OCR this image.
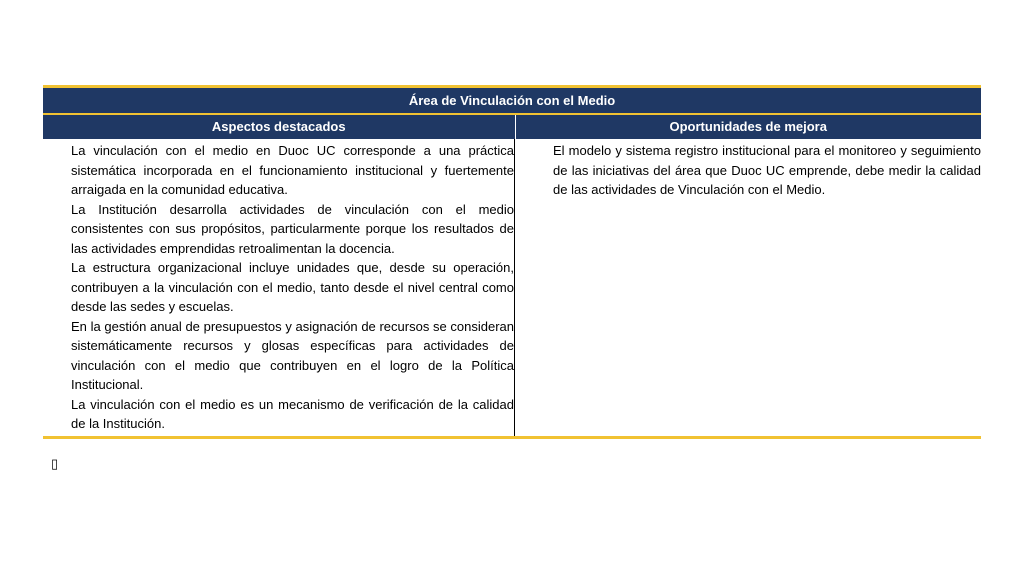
Área de Vinculación con el Medio
Aspectos destacados	Oportunidades de mejora

La vinculación con el medio en Duoc UC corresponde a una práctica sistemática incorporada en el funcionamiento institucional y fuertemente arraigada en la comunidad educativa.

La Institución desarrolla actividades de vinculación con el medio consistentes con sus propósitos, particularmente porque los resultados de las actividades emprendidas retroalimentan la docencia.

La estructura organizacional incluye unidades que, desde su operación, contribuyen a la vinculación con el medio, tanto desde el nivel central como desde las sedes y escuelas.

En la gestión anual de presupuestos y asignación de recursos se consideran sistemáticamente recursos y glosas específicas para actividades de vinculación con el medio que contribuyen en el logro de la Política Institucional.

La vinculación con el medio es un mecanismo de verificación de la calidad de la Institución.

El modelo y sistema registro institucional para el monitoreo y seguimiento de las iniciativas del área que Duoc UC emprende, debe medir la calidad de las actividades de Vinculación con el Medio.

▯
